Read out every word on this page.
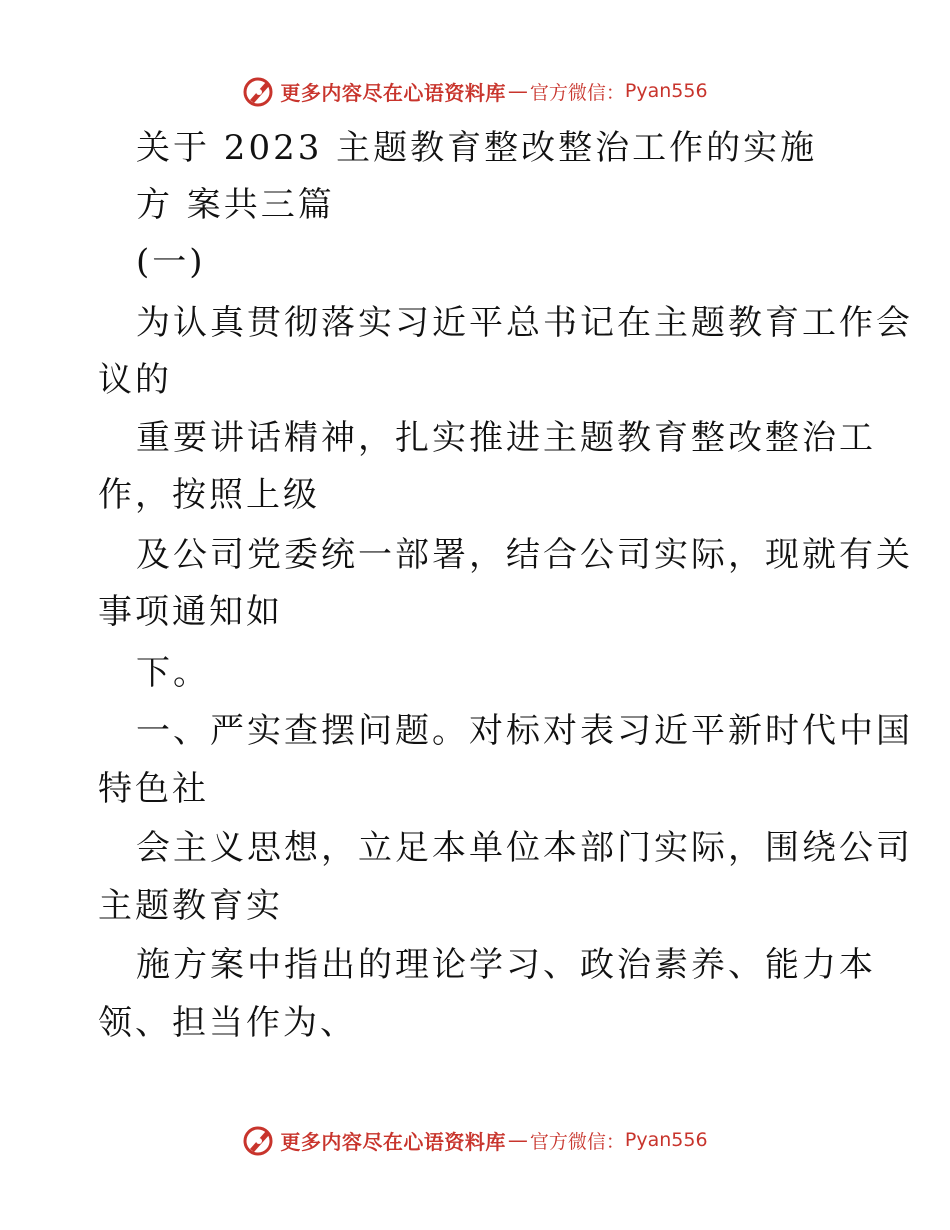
更多内容尽在心语资料库 — 官方微信： Pyan556
关于 2023 主题教育整改整治工作的实施
方 案共三篇
(一)
为认真贯彻落实习近平总书记在主题教育工作会
议的
重要讲话精神，扎实推进主题教育整改整治工
作，按照上级
及公司党委统一部署，结合公司实际，现就有关
事项通知如
下。
一、严实查摆问题。对标对表习近平新时代中国
特色社
会主义思想，立足本单位本部门实际，围绕公司
主题教育实
施方案中指出的理论学习、政治素养、能力本
领、担当作为、
更多内容尽在心语资料库 — 官方微信： Pyan556
